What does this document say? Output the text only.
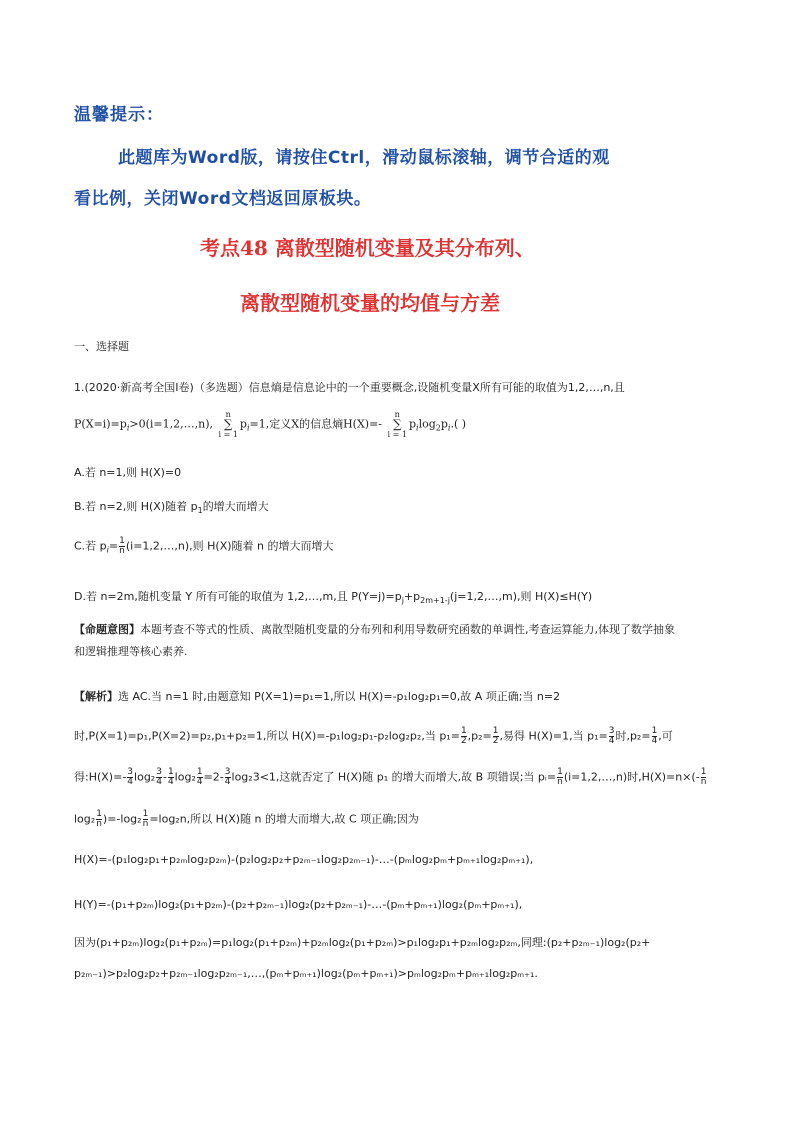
温馨提示：
此题库为Word版，请按住Ctrl，滑动鼠标滚轴，调节合适的观
看比例，关闭Word文档返回原板块。
考点48 离散型随机变量及其分布列、
离散型随机变量的均值与方差
一、选择题
1.(2020·新高考全国Ⅰ卷)（多选题）信息熵是信息论中的一个重要概念,设随机变量X所有可能的取值为1,2,…,n,且
$P(X=i)=p_i>0(i=1,2,\dots,n)$,
n
∑
i = 1
$p_i=1$,定义X的信息熵H(X)=-
n
∑
i = 1
$p_i\log_2p_i$.( )
A.若 n=1,则 H(X)=0
B.若 n=2,则 H(X)随着 $p_1$的增大而增大
C.若 $p_i= \frac{1}{n}$ (i=1,2,…,n),则 H(X)随着 n 的增大而增大
D.若 n=2m,随机变量 Y 所有可能的取值为 1,2,…,m,且 $P(Y=j)=p_j+p_{2m+1-j}(j=1,2,\dots,m)$,则 H(X)≤H(Y)
【命题意图】本题考查不等式的性质、离散型随机变量的分布列和利用导数研究函数的单调性,考查运算能力,体现了数学抽象
和逻辑推理等核心素养.
【解析】选 AC.当 n=1 时,由题意知 P(X=1)=p₁=1,所以 H(X)=-p₁log₂p₁=0,故 A 项正确;当 n=2
时,P(X=1)=p₁,P(X=2)=p₂,p₁+p₂=1,所以 H(X)=-p₁log₂p₁-p₂log₂p₂,当 $p_1= \frac{1}{2} ,p_2= \frac{1}{2}$ ,易得 H(X)=1,当 $p_1= \frac{3}{4}$ 时$,p_2= \frac{1}{4}$ ,可
得:H(X)=- $\frac{3}{4} \log_2 \frac{3}{4} - \frac{1}{4} \log_2 \frac{1}{4} =2- \frac{3}{4} \log_23<1$,这就否定了 H(X)随 p₁ 的增大而增大,故 B 项错误;当 pᵢ= $\frac{1}{n}$ (i=1,2,…,n)时$,H(X)=n\times(- \frac{1}{n}$
$\log_2 \frac{1}{n} )=-\log_2 \frac{1}{n} =\log_2n$,所以 H(X)随 n 的增大而增大,故 C 项正确;因为
H(X)=-(p₁log₂p₁+p₂ₘlog₂p₂ₘ)-(p₂log₂p₂+p₂ₘ₋₁log₂p₂ₘ₋₁)-…-(pₘlog₂pₘ+pₘ₊₁log₂pₘ₊₁),
H(Y)=-(p₁+p₂ₘ)log₂(p₁+p₂ₘ)-(p₂+p₂ₘ₋₁)log₂(p₂+p₂ₘ₋₁)-…-(pₘ+pₘ₊₁)log₂(pₘ+pₘ₊₁),
因为(p₁+p₂ₘ)log₂(p₁+p₂ₘ)=p₁log₂(p₁+p₂ₘ)+p₂ₘlog₂(p₁+p₂ₘ)>p₁log₂p₁+p₂ₘlog₂p₂ₘ,同理:(p₂+p₂ₘ₋₁)log₂(p₂+
p₂ₘ₋₁)>p₂log₂p₂+p₂ₘ₋₁log₂p₂ₘ₋₁,…,(pₘ+pₘ₊₁)log₂(pₘ+pₘ₊₁)>pₘlog₂pₘ+pₘ₊₁log₂pₘ₊₁.
